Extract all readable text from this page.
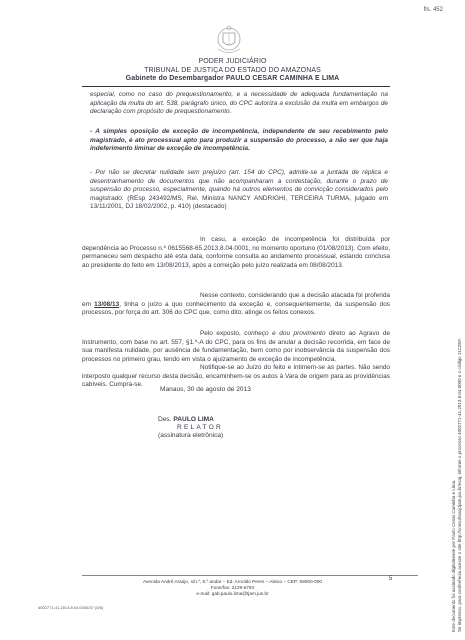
fls. 452
PODER JUDICIÁRIO
TRIBUNAL DE JUSTIÇA DO ESTADO DO AMAZONAS
Gabinete do Desembargador PAULO CESAR CAMINHA E LIMA

especial, como no caso do prequestionamento, e a necessidade de adequada fundamentação na aplicação da multa do art. 538, parágrafo único, do CPC autoriza a exclusão da multa em embargos de declaração com propósito de prequestionamento.

- A simples oposição de exceção de incompetência, independente de seu recebimento pelo magistrado, é ato processual apto para produzir a suspensão do processo, a não ser que haja indeferimento liminar de exceção de incompetência.

- Por não se decretar nulidade sem prejuízo (art. 154 do CPC), admite-se a juntada de réplica e desentranhamento de documentos que não acompanharam a contestação, durante o prazo de suspensão do processo, especialmente, quando há outros elementos de convicção considerados pelo magistrado. (REsp 243492/MS, Rel. Ministra NANCY ANDRIGHI, TERCEIRA TURMA, julgado em 13/11/2001, DJ 18/02/2002, p. 410) (destacado)

In casu, a exceção de incompetência foi distribuída por dependência ao Processo n.º 0615568-65.2013.8.04.0001, no momento oportuno (01/08/2013). Com efeito, permaneceu sem despacho até esta data, conforme consulta ao andamento processual, estando conclusa ao presidente do feito em 13/08/2013, após a correição pelo juízo realizada em 08/08/2013.

Nesse contexto, considerando que a decisão atacada foi proferida em 13/08/13, tinha o juízo a quo conhecimento da exceção e, consequentemente, da suspensão dos processos, por força do art. 306 do CPC que, como dito, atinge os feitos conexos.

Pelo exposto, conheço e dou provimento direto ao Agravo de Instrumento, com base no art. 557, §1.º-A do CPC, para os fins de anular a decisão recorrida, em face de sua manifesta nulidade, por ausência de fundamentação, bem como por inobservância da suspensão dos processos no primeiro grau, tendo em vista o ajuizamento de exceção de incompetência.

Notifique-se ao Juízo do feito e intimem-se as partes. Não sendo interposto qualquer recurso desta decisão, encaminhem-se os autos à Vara de origem para as providências cabíveis. Cumpra-se.

Manaus, 30 de agosto de 2013
Des. PAULO LIMA
RELATOR
(assinatura eletrônica)
5
Avenida André Araújo, s/n.º, 5.º andar – Ed. Arnoldo Peres – Aleixo – CEP: 69060-000
Fone/fax: 2129-6783
e-mail: gab.paulo.lima@tjam.jus.br
4002771-41.2013.8.04.0000/37 (0/6)	Este documento foi assinado digitalmente por Paulo Cesar Caminha e Lima. Se impresso, para conferência acesse o site http://consultasaj.tjam.jus.br/esaj, informe o processo 4002771-41.2013.8.04.0000 e o código 11C2EF.
